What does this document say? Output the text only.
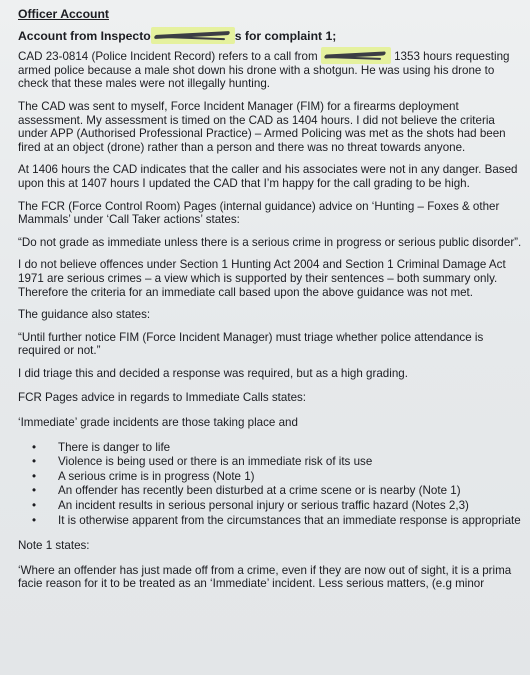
Officer Account

Account from Inspecto	s for complaint 1;

CAD 23-0814 (Police Incident Record) refers to a call from	1353 hours requesting armed police because a male shot down his drone with a shotgun. He was using his drone to check that these males were not illegally hunting.

The CAD was sent to myself, Force Incident Manager (FIM) for a firearms deployment assessment. My assessment is timed on the CAD as 1404 hours. I did not believe the criteria under APP (Authorised Professional Practice) – Armed Policing was met as the shots had been fired at an object (drone) rather than a person and there was no threat towards anyone.

At 1406 hours the CAD indicates that the caller and his associates were not in any danger. Based upon this at 1407 hours I updated the CAD that I’m happy for the call grading to be high.

The FCR (Force Control Room) Pages (internal guidance) advice on ‘Hunting – Foxes & other Mammals’ under ‘Call Taker actions’ states:

“Do not grade as immediate unless there is a serious crime in progress or serious public disorder”.

I do not believe offences under Section 1 Hunting Act 2004 and Section 1 Criminal Damage Act 1971 are serious crimes – a view which is supported by their sentences – both summary only. Therefore the criteria for an immediate call based upon the above guidance was not met.

The guidance also states:

“Until further notice FIM (Force Incident Manager) must triage whether police attendance is required or not.”

I did triage this and decided a response was required, but as a high grading.

FCR Pages advice in regards to Immediate Calls states:

‘Immediate’ grade incidents are those taking place and

•	There is danger to life
•	Violence is being used or there is an immediate risk of its use
•	A serious crime is in progress (Note 1)
•	An offender has recently been disturbed at a crime scene or is nearby (Note 1)
•	An incident results in serious personal injury or serious traffic hazard (Notes 2,3)
•	It is otherwise apparent from the circumstances that an immediate response is appropriate

Note 1 states:

‘Where an offender has just made off from a crime, even if they are now out of sight, it is a prima facie reason for it to be treated as an ‘Immediate’ incident. Less serious matters, (e.g minor
